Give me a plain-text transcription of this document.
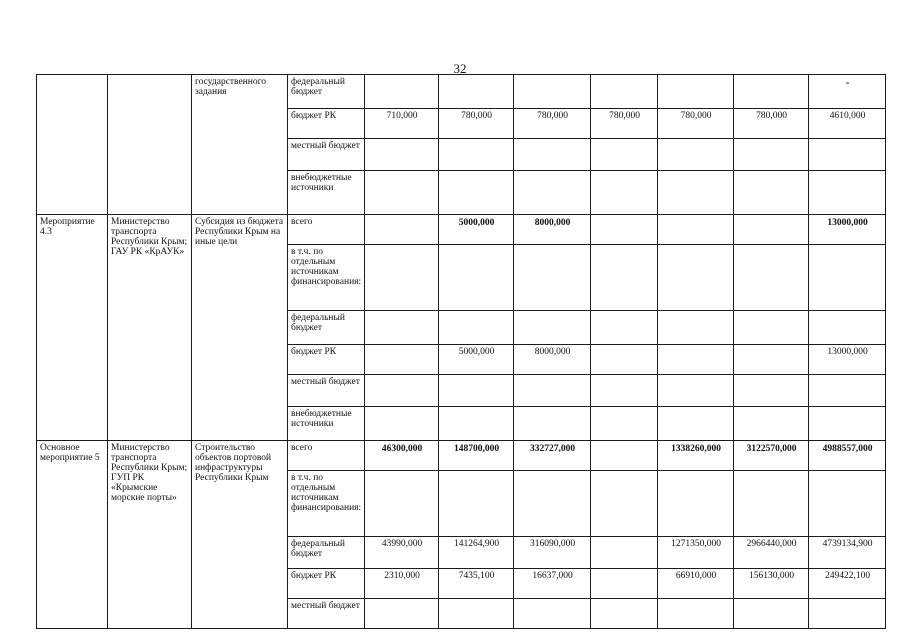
32
		государственного задания	федеральный бюджет							-
			бюджет РК	710,000	780,000	780,000	780,000	780,000	780,000	4610,000
			местный бюджет							
			внебюджетные источники							
Мероприятие 4.3	Министерство транспорта Республики Крым; ГАУ РК «КрАУК»	Субсидия из бюджета Республики Крым на иные цели	всего		5000,000	8000,000				13000,000
			в т.ч. по отдельным источникам финансирования:							
			федеральный бюджет							
			бюджет РК		5000,000	8000,000				13000,000
			местный бюджет							
			внебюджетные источники							
Основное мероприятие 5	Министерство транспорта Республики Крым; ГУП РК «Крымские морские порты»	Строительство объектов портовой инфраструктуры Республики Крым	всего	46300,000	148700,000	332727,000		1338260,000	3122570,000	4988557,000
			в т.ч. по отдельным источникам финансирования:							
			федеральный бюджет	43990,000	141264,900	316090,000		1271350,000	2966440,000	4739134,900
			бюджет РК	2310,000	7435,100	16637,000		66910,000	156130,000	249422,100
			местный бюджет							
